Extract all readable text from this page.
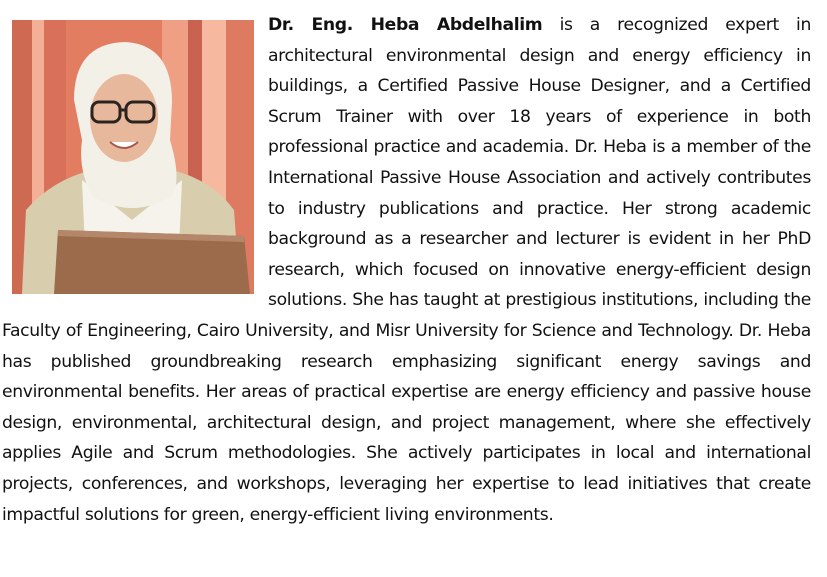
Dr. Eng. Heba Abdelhalim is a recognized expert in architectural environmental design and energy efficiency in buildings, a Certified Passive House Designer, and a Certified Scrum Trainer with over 18 years of experience in both professional practice and academia. Dr. Heba is a member of the International Passive House Association and actively contributes to industry publications and practice. Her strong academic background as a researcher and lecturer is evident in her PhD research, which focused on innovative energy-efficient design solutions. She has taught at prestigious institutions, including the Faculty of Engineering, Cairo University, and Misr University for Science and Technology. Dr. Heba has published groundbreaking research emphasizing significant energy savings and environmental benefits. Her areas of practical expertise are energy efficiency and passive house design, environmental, architectural design, and project management, where she effectively applies Agile and Scrum methodologies. She actively participates in local and international projects, conferences, and workshops, leveraging her expertise to lead initiatives that create impactful solutions for green, energy-efficient living environments.
